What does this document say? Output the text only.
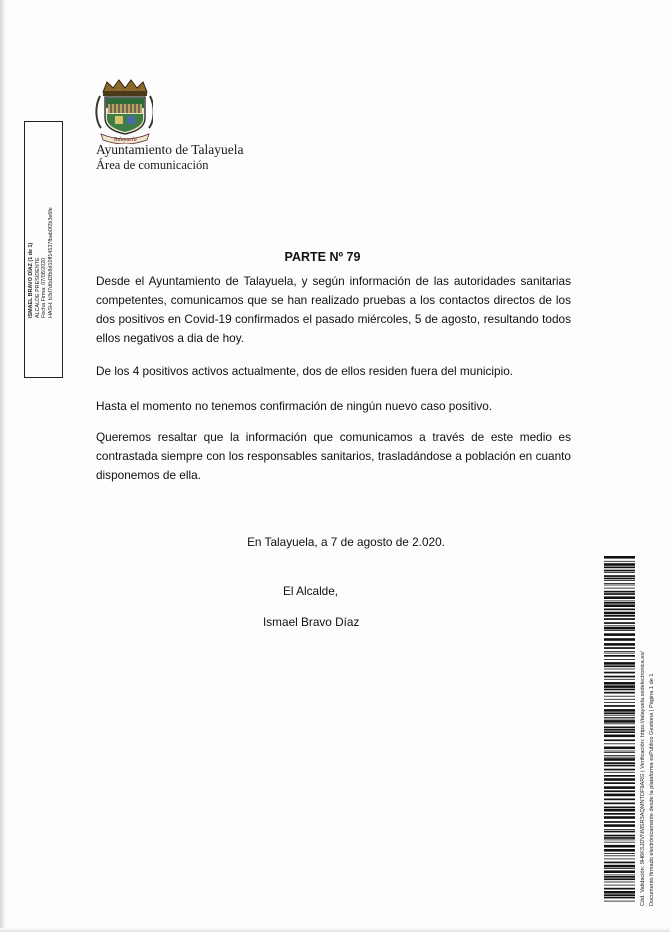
Talayuela
Ayuntamiento de Talayuela
Área de comunicación
ISMAEL BRAVO DÍAZ (1 de 1) ALCALDE PRESIDENTE Fecha Firma: 07/08/2020 HASH: b3d7d6d2fb8d10ff14537fbab0f2b3e6fe	PARTE Nº 79
Desde el Ayuntamiento de Talayuela, y según información de las autoridades sanitarias competentes, comunicamos que se han realizado pruebas a los contactos directos de los dos positivos en Covid-19 confirmados el pasado miércoles, 5 de agosto, resultando todos ellos negativos a dia de hoy.
De los 4 positivos activos actualmente, dos de ellos residen fuera del municipio.
Hasta el momento no tenemos confirmación de ningún nuevo caso positivo.
Queremos resaltar que la información que comunicamos a través de este medio es contrastada siempre con los responsables sanitarios, trasladándose a población en cuanto disponemos de ella.
En Talayuela, a 7 de agosto de 2.020.
El Alcalde,
Ismael Bravo Díaz
Cód. Validación: 9H6KSJDVNMSR3AQMNTDF9ARG | Verificación: https://talayuela.sedelectronica.es/ Documento firmado electrónicamente desde la plataforma esPublico Gestiona | Página 1 de 1
